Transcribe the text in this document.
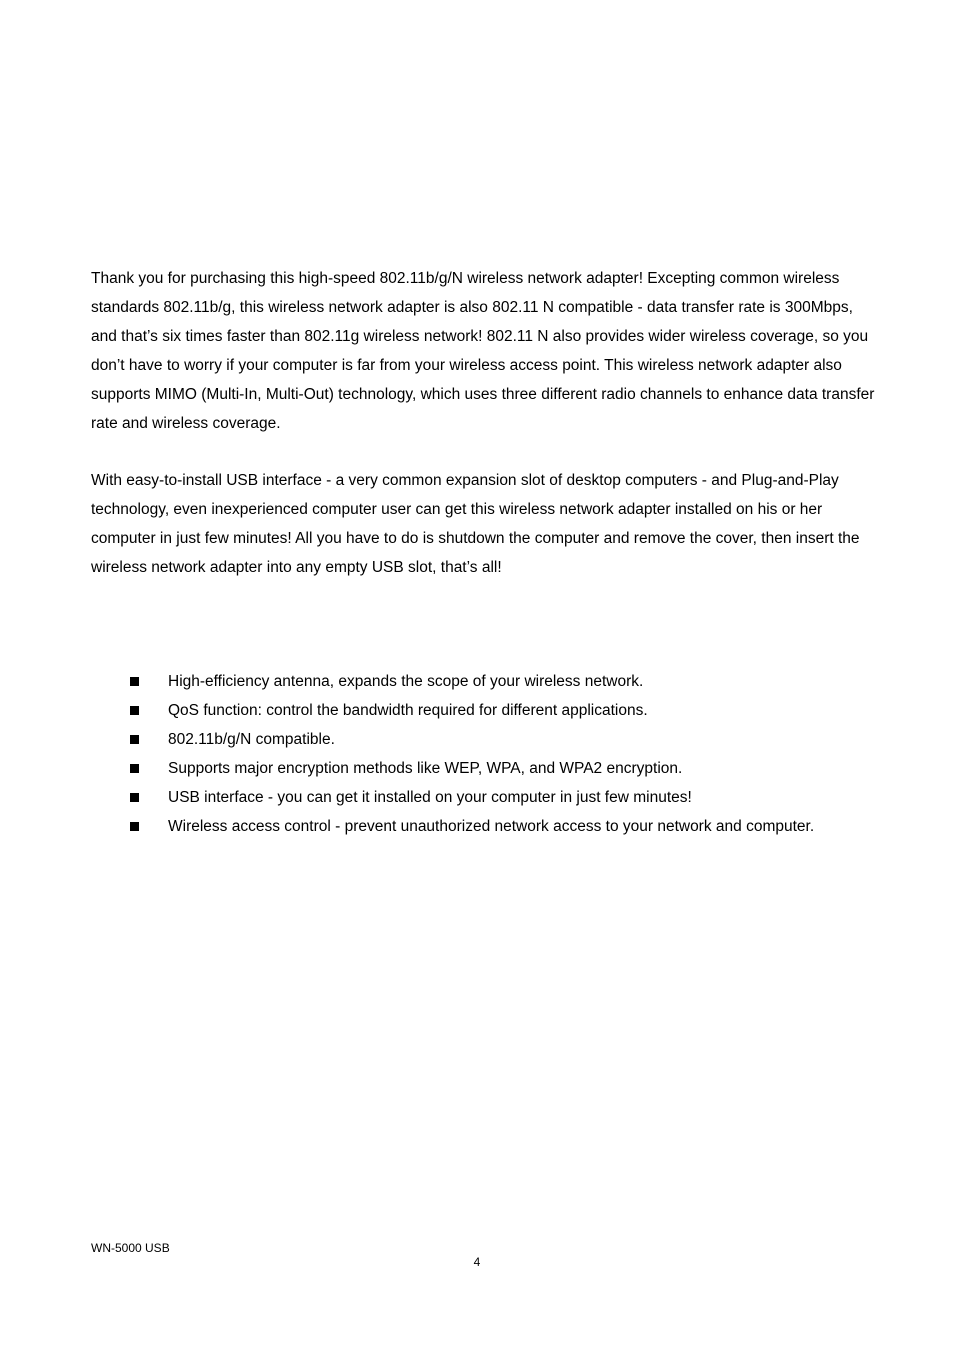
Thank you for purchasing this high-speed 802.11b/g/N wireless network adapter! Excepting common wireless standards 802.11b/g, this wireless network adapter is also 802.11 N compatible - data transfer rate is 300Mbps, and that’s six times faster than 802.11g wireless network! 802.11 N also provides wider wireless coverage, so you don’t have to worry if your computer is far from your wireless access point. This wireless network adapter also supports MIMO (Multi-In, Multi-Out) technology, which uses three different radio channels to enhance data transfer rate and wireless coverage.

With easy-to-install USB interface - a very common expansion slot of desktop computers - and Plug-and-Play technology, even inexperienced computer user can get this wireless network adapter installed on his or her computer in just few minutes! All you have to do is shutdown the computer and remove the cover, then insert the wireless network adapter into any empty USB slot, that’s all!

High-efficiency antenna, expands the scope of your wireless network.
QoS function: control the bandwidth required for different applications.
802.11b/g/N compatible.
Supports major encryption methods like WEP, WPA, and WPA2 encryption.
USB interface - you can get it installed on your computer in just few minutes!
Wireless access control - prevent unauthorized network access to your network and computer.
WN-5000 USB
4
